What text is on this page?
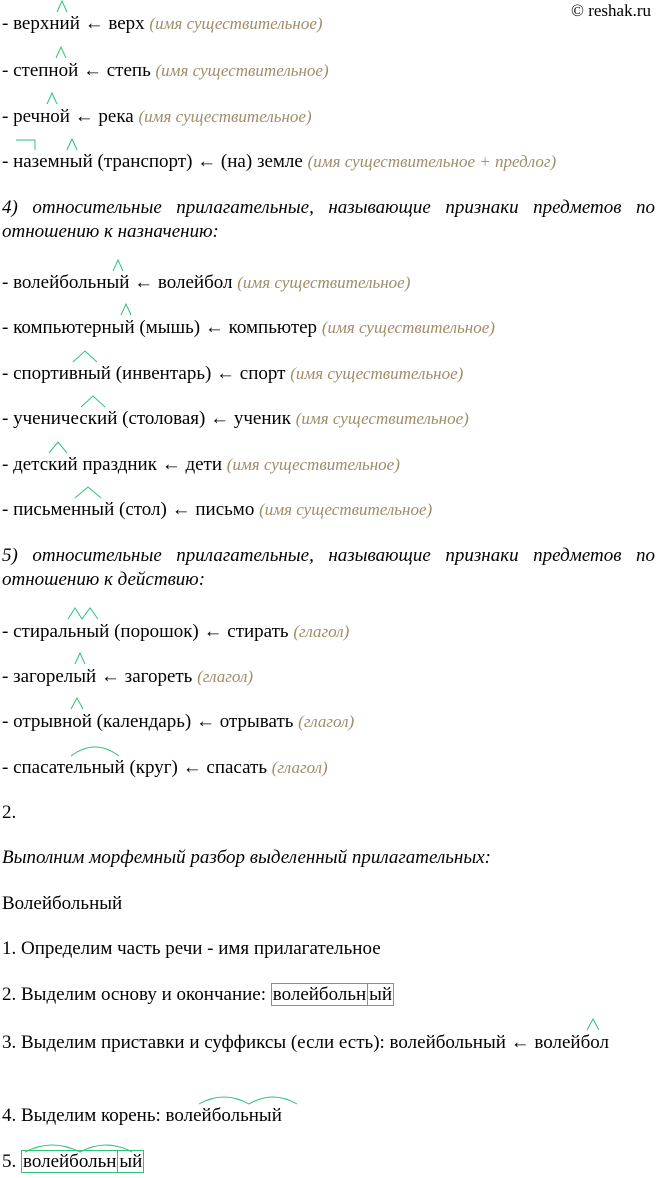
© reshak.ru
- верхний ← верх (имя существительное)
- степной ← степь (имя существительное)
- речной ← река (имя существительное)
- наземный (транспорт) ← (на) земле (имя существительное + предлог)

4) относительные прилагательные, называющие признаки предметов по отношению к назначению:

- волейбольный ← волейбол (имя существительное)
- компьютерный (мышь) ← компьютер (имя существительное)
- спортивный (инвентарь) ← спорт (имя существительное)
- ученический (столовая) ← ученик (имя существительное)
- детский праздник ← дети (имя существительное)
- письменный (стол) ← письмо (имя существительное)

5) относительные прилагательные, называющие признаки предметов по отношению к действию:

- стиральный (порошок) ← стирать (глагол)
- загорелый ← загореть (глагол)
- отрывной (календарь) ← отрывать (глагол)
- спасательный (круг) ← спасать (глагол)
2.
Выполним морфемный разбор выделенный прилагательных:
Волейбольный
1. Определим часть речи - имя прилагательное
2. Выделим основу и окончание: волейбольн ый

3. Выделим приставки и суффиксы (если есть): волейбольный ← волейбол

4. Выделим корень: волейбольный
5. волейбольн ый
